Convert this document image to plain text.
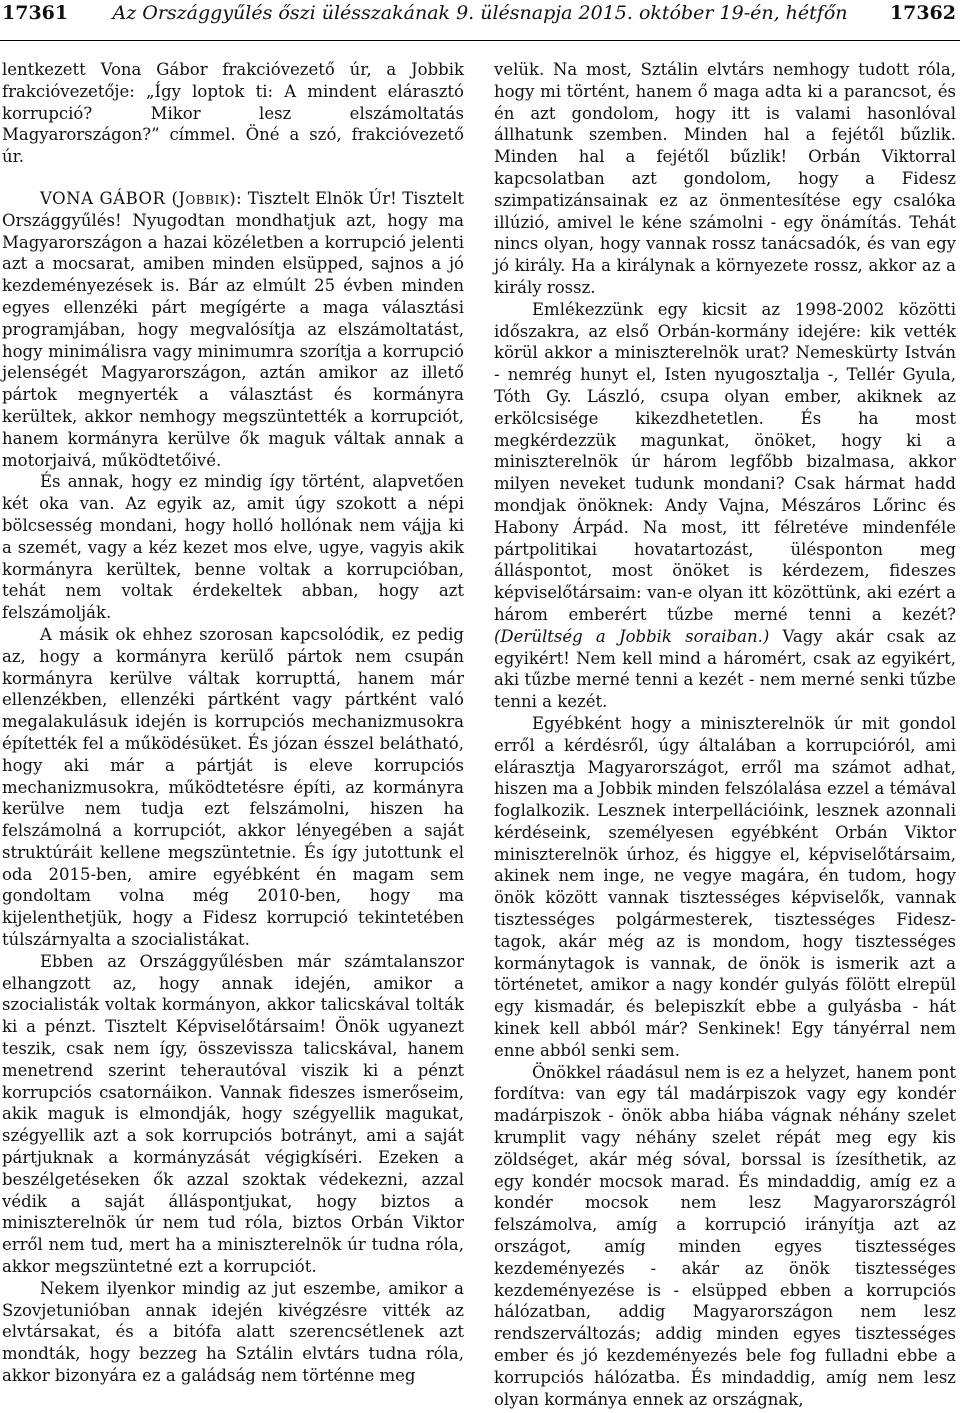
17361	Az Országgyűlés őszi ülésszakának 9. ülésnapja 2015. október 19-én, hétfőn	17362

lentkezett Vona Gábor frakcióvezető úr, a Jobbik frakcióvezetője: „Így loptok ti: A mindent elárasztó korrupció? Mikor lesz elszámoltatás Magyarországon?” címmel. Öné a szó, frakcióvezető úr.

VONA GÁBOR (Jobbik): Tisztelt Elnök Úr! Tisztelt Országgyűlés! Nyugodtan mondhatjuk azt, hogy ma Magyarországon a hazai közéletben a korrupció jelenti azt a mocsarat, amiben minden elsüpped, sajnos a jó kezdeményezések is. Bár az elmúlt 25 évben minden egyes ellenzéki párt megígérte a maga választási programjában, hogy megvalósítja az elszámoltatást, hogy minimálisra vagy minimumra szorítja a korrupció jelenségét Magyarországon, aztán amikor az illető pártok megnyerték a választást és kormányra kerültek, akkor nemhogy megszüntették a korrupciót, hanem kormányra kerülve ők maguk váltak annak a motorjaivá, működtetőivé.

És annak, hogy ez mindig így történt, alapvetően két oka van. Az egyik az, amit úgy szokott a népi bölcsesség mondani, hogy holló hollónak nem vájja ki a szemét, vagy a kéz kezet mos elve, ugye, vagyis akik kormányra kerültek, benne voltak a korrupcióban, tehát nem voltak érdekeltek abban, hogy azt felszámolják.

A másik ok ehhez szorosan kapcsolódik, ez pedig az, hogy a kormányra kerülő pártok nem csupán kormányra kerülve váltak korrupttá, hanem már ellenzékben, ellenzéki pártként vagy pártként való megalakulásuk idején is korrupciós mechanizmusokra építették fel a működésüket. És józan ésszel belátható, hogy aki már a pártját is eleve korrupciós mechanizmusokra, működtetésre építi, az kormányra kerülve nem tudja ezt felszámolni, hiszen ha felszámolná a korrupciót, akkor lényegében a saját struktúráit kellene megszüntetnie. És így jutottunk el oda 2015-ben, amire egyébként én magam sem gondoltam volna még 2010-ben, hogy ma kijelenthetjük, hogy a Fidesz korrupció tekintetében túlszárnyalta a szocialistákat.

Ebben az Országgyűlésben már számtalanszor elhangzott az, hogy annak idején, amikor a szocialisták voltak kormányon, akkor talicskával tolták ki a pénzt. Tisztelt Képviselőtársaim! Önök ugyanezt teszik, csak nem így, összevissza talicskával, hanem menetrend szerint teherautóval viszik ki a pénzt korrupciós csatornáikon. Vannak fideszes ismerőseim, akik maguk is elmondják, hogy szégyellik magukat, szégyellik azt a sok korrupciós botrányt, ami a saját pártjuknak a kormányzását végigkíséri. Ezeken a beszélgetéseken ők azzal szoktak védekezni, azzal védik a saját álláspontjukat, hogy biztos a miniszterelnök úr nem tud róla, biztos Orbán Viktor erről nem tud, mert ha a miniszterelnök úr tudna róla, akkor megszüntetné ezt a korrupciót.

Nekem ilyenkor mindig az jut eszembe, amikor a Szovjetunióban annak idején kivégzésre vitték az elvtársakat, és a bitófa alatt szerencsétlenek azt mondták, hogy bezzeg ha Sztálin elvtárs tudna róla, akkor bizonyára ez a galádság nem történne meg

velük. Na most, Sztálin elvtárs nemhogy tudott róla, hogy mi történt, hanem ő maga adta ki a parancsot, és én azt gondolom, hogy itt is valami hasonlóval állhatunk szemben. Minden hal a fejétől bűzlik. Minden hal a fejétől bűzlik! Orbán Viktorral kapcsolatban azt gondolom, hogy a Fidesz szimpatizánsainak ez az önmentesítése egy csalóka illúzió, amivel le kéne számolni - egy önámítás. Tehát nincs olyan, hogy vannak rossz tanácsadók, és van egy jó király. Ha a királynak a környezete rossz, akkor az a király rossz.

Emlékezzünk egy kicsit az 1998-2002 közötti időszakra, az első Orbán-kormány idejére: kik vették körül akkor a miniszterelnök urat? Nemeskürty István - nemrég hunyt el, Isten nyugosztalja -, Tellér Gyula, Tóth Gy. László, csupa olyan ember, akiknek az erkölcsisége kikezdhetetlen. És ha most megkérdezzük magunkat, önöket, hogy ki a miniszterelnök úr három legfőbb bizalmasa, akkor milyen neveket tudunk mondani? Csak hármat hadd mondjak önöknek: Andy Vajna, Mészáros Lőrinc és Habony Árpád. Na most, itt félretéve mindenféle pártpolitikai hovatartozást, ülésponton meg álláspontot, most önöket is kérdezem, fideszes képviselőtársaim: van-e olyan itt közöttünk, aki ezért a három emberért tűzbe merné tenni a kezét? (Derültség a Jobbik soraiban.) Vagy akár csak az egyikért! Nem kell mind a háromért, csak az egyikért, aki tűzbe merné tenni a kezét - nem merné senki tűzbe tenni a kezét.

Egyébként hogy a miniszterelnök úr mit gondol erről a kérdésről, úgy általában a korrupcióról, ami elárasztja Magyarországot, erről ma számot adhat, hiszen ma a Jobbik minden felszólalása ezzel a témával foglalkozik. Lesznek interpellációink, lesznek azonnali kérdéseink, személyesen egyébként Orbán Viktor miniszterelnök úrhoz, és higgye el, képviselőtársaim, akinek nem inge, ne vegye magára, én tudom, hogy önök között vannak tisztességes képviselők, vannak tisztességes polgármesterek, tisztességes Fidesz-tagok, akár még az is mondom, hogy tisztességes kormánytagok is vannak, de önök is ismerik azt a történetet, amikor a nagy kondér gulyás fölött elrepül egy kismadár, és belepiszkít ebbe a gulyásba - hát kinek kell abból már? Senkinek! Egy tányérral nem enne abból senki sem.

Önökkel ráadásul nem is ez a helyzet, hanem pont fordítva: van egy tál madárpiszok vagy egy kondér madárpiszok - önök abba hiába vágnak néhány szelet krumplit vagy néhány szelet répát meg egy kis zöldséget, akár még sóval, borssal is ízesíthetik, az egy kondér mocsok marad. És mindaddig, amíg ez a kondér mocsok nem lesz Magyarországról felszámolva, amíg a korrupció irányítja azt az országot, amíg minden egyes tisztességes kezdeményezés - akár az önök tisztességes kezdeményezése is - elsüpped ebben a korrupciós hálózatban, addig Magyarországon nem lesz rendszerváltozás; addig minden egyes tisztességes ember és jó kezdeményezés bele fog fulladni ebbe a korrupciós hálózatba. És mindaddig, amíg nem lesz olyan kormánya ennek az országnak,
